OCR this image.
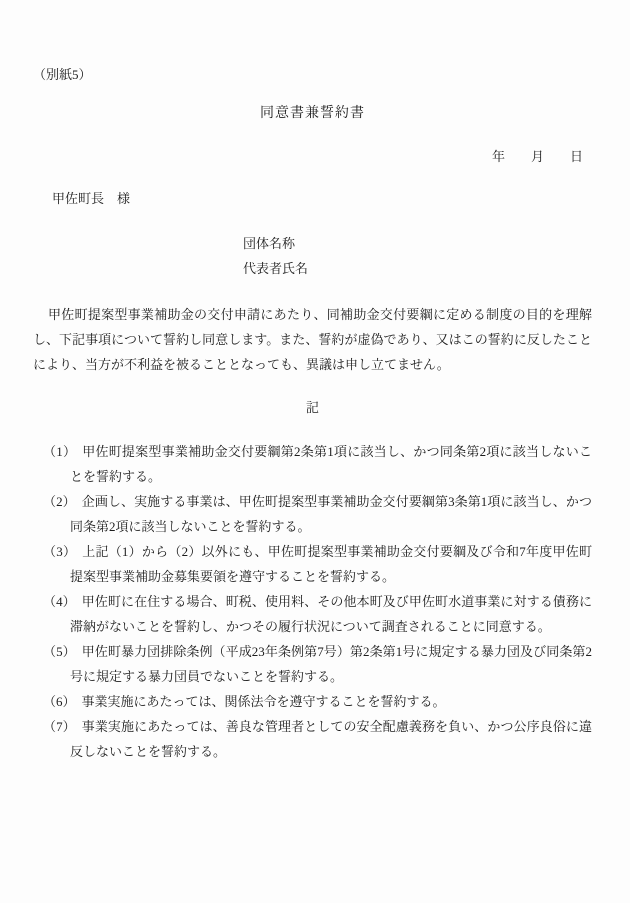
（別紙5）
同意書兼誓約書
年　　月　　日
甲佐町長　様
団体名称
代表者氏名

甲佐町提案型事業補助金の交付申請にあたり、同補助金交付要綱に定める制度の目的を理解し、下記事項について誓約し同意します。また、誓約が虚偽であり、又はこの誓約に反したことにより、当方が不利益を被ることとなっても、異議は申し立てません。

記
（1） 甲佐町提案型事業補助金交付要綱第2条第1項に該当し、かつ同条第2項に該当しないことを誓約する。
（2） 企画し、実施する事業は、甲佐町提案型事業補助金交付要綱第3条第1項に該当し、かつ同条第2項に該当しないことを誓約する。
（3） 上記（1）から（2）以外にも、甲佐町提案型事業補助金交付要綱及び令和7年度甲佐町提案型事業補助金募集要領を遵守することを誓約する。
（4） 甲佐町に在住する場合、町税、使用料、その他本町及び甲佐町水道事業に対する債務に滞納がないことを誓約し、かつその履行状況について調査されることに同意する。
（5） 甲佐町暴力団排除条例（平成23年条例第7号）第2条第1号に規定する暴力団及び同条第2号に規定する暴力団員でないことを誓約する。
（6） 事業実施にあたっては、関係法令を遵守することを誓約する。
（7） 事業実施にあたっては、善良な管理者としての安全配慮義務を負い、かつ公序良俗に違反しないことを誓約する。
